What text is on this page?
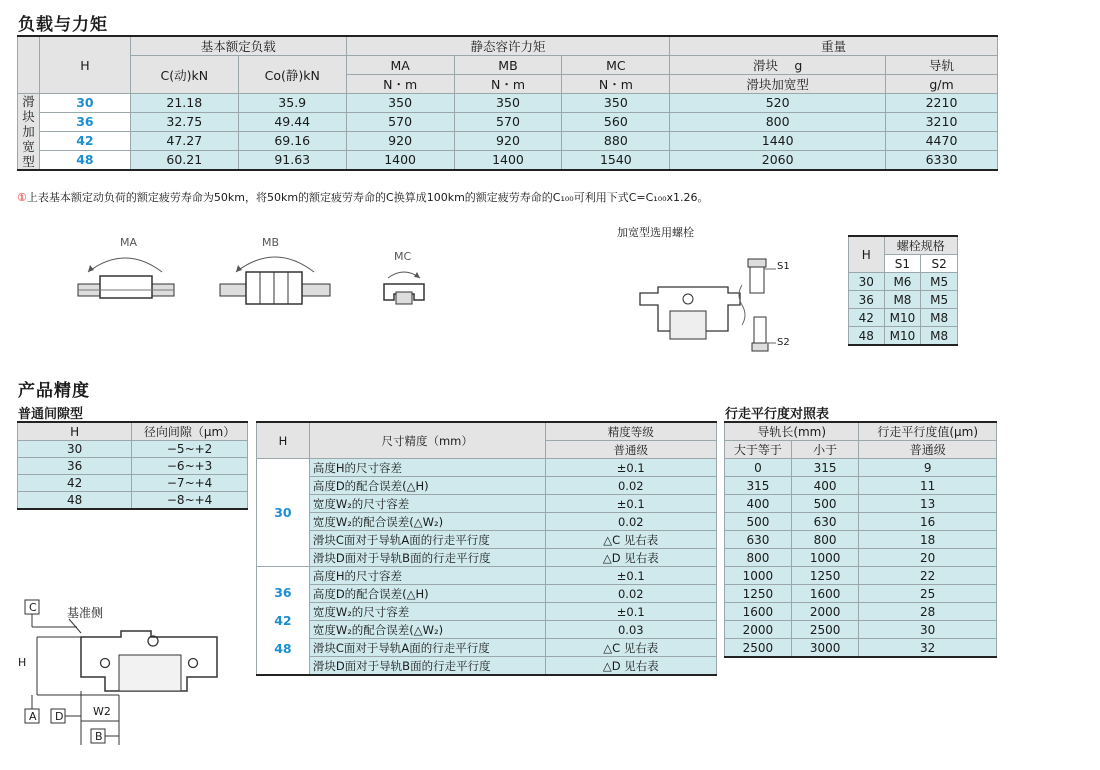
负载与力矩
	H	基本额定负载		静态容许力矩			重量	
		C(动)kN	Co(静)kN	MA	MB	MC	滑块　 g	导轨
				N・m	N・m	N・m	滑块加宽型	g/m
滑
块
加
宽
型	30	21.18	35.9	350	350	350	520	2210
	36	32.75	49.44	570	570	560	800	3210
	42	47.27	69.16	920	920	880	1440	4470
	48	60.21	91.63	1400	1400	1540	2060	6330
①上表基本额定动负荷的额定疲劳寿命为50km，将50km的额定疲劳寿命的C换算成100km的额定疲劳寿命的C₁₀₀可利用下式C=C₁₀₀x1.26。
MA	MB
MC
加宽型选用螺栓
S1
S2
H	螺栓规格	
	S1	S2
30	M6	M5
36	M8	M5
42	M10	M8
48	M10	M8
产品精度
普通间隙型
H	径向间隙（μm）
30	−5~+2
36	−6~+3
42	−7~+4
48	−8~+4
H	尺寸精度（mm）	精度等级
		普通级
30	高度H的尺寸容差	±0.1
	高度D的配合误差(△H)	0.02
	宽度W₂的尺寸容差	±0.1
	宽度W₂的配合误差(△W₂)	0.02
	滑块C面对于导轨A面的行走平行度	△C 见右表
	滑块D面对于导轨B面的行走平行度	△D 见右表
36
42
48	高度H的尺寸容差	±0.1
	高度D的配合误差(△H)	0.02
	宽度W₂的尺寸容差	±0.1
	宽度W₂的配合误差(△W₂)	0.03
	滑块C面对于导轨A面的行走平行度	△C 见右表
	滑块D面对于导轨B面的行走平行度	△D 见右表
行走平行度对照表
导轨长(mm)		行走平行度值(μm)
大于等于	小于	普通级
0	315	9
315	400	11
400	500	13
500	630	16
630	800	18
800	1000	20
1000	1250	22
1250	1600	25
1600	2000	28
2000	2500	30
2500	3000	32
C	基准侧
H
A D	W2
B
